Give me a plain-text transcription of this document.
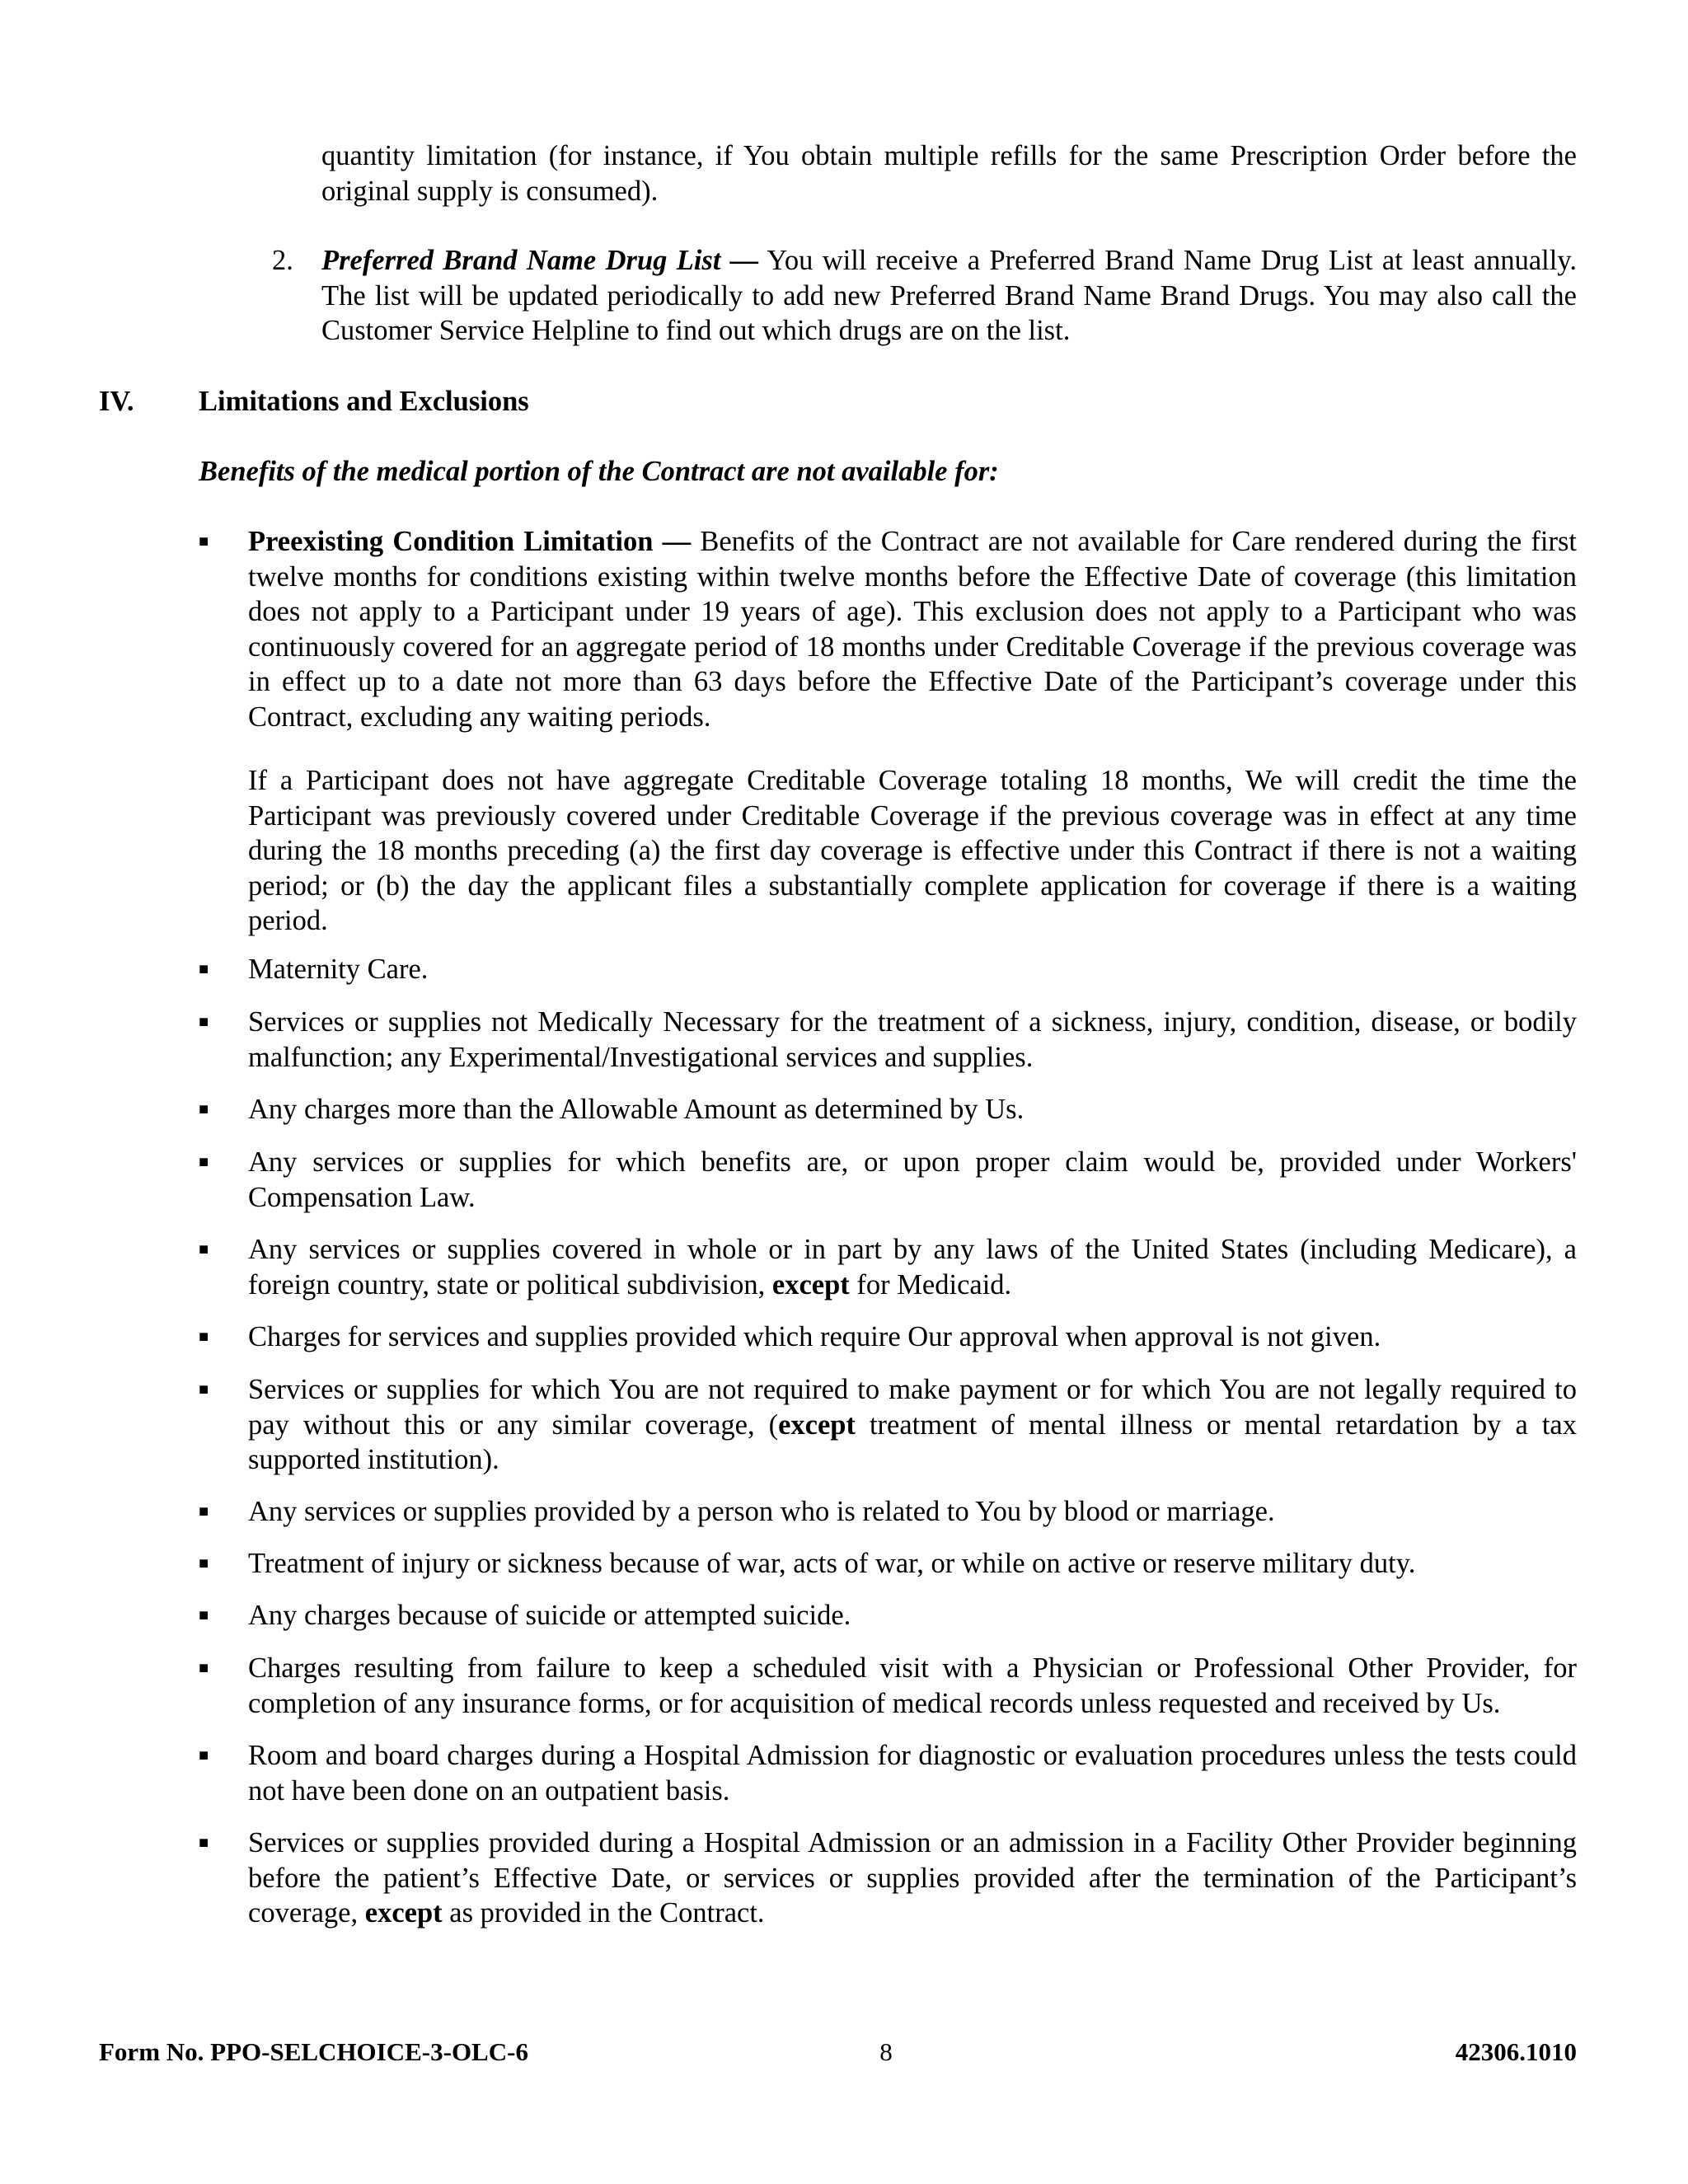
quantity limitation (for instance, if You obtain multiple refills for the same Prescription Order before the original supply is consumed).
2. Preferred Brand Name Drug List — You will receive a Preferred Brand Name Drug List at least annually. The list will be updated periodically to add new Preferred Brand Name Brand Drugs. You may also call the Customer Service Helpline to find out which drugs are on the list.
IV. Limitations and Exclusions
Benefits of the medical portion of the Contract are not available for:
■ Preexisting Condition Limitation — Benefits of the Contract are not available for Care rendered during the first twelve months for conditions existing within twelve months before the Effective Date of coverage (this limitation does not apply to a Participant under 19 years of age). This exclusion does not apply to a Participant who was continuously covered for an aggregate period of 18 months under Creditable Coverage if the previous coverage was in effect up to a date not more than 63 days before the Effective Date of the Participant’s coverage under this Contract, excluding any waiting periods.
If a Participant does not have aggregate Creditable Coverage totaling 18 months, We will credit the time the Participant was previously covered under Creditable Coverage if the previous coverage was in effect at any time during the 18 months preceding (a) the first day coverage is effective under this Contract if there is not a waiting period; or (b) the day the applicant files a substantially complete application for coverage if there is a waiting period.
■ Maternity Care.
■ Services or supplies not Medically Necessary for the treatment of a sickness, injury, condition, disease, or bodily malfunction; any Experimental/Investigational services and supplies.
■ Any charges more than the Allowable Amount as determined by Us.
■ Any services or supplies for which benefits are, or upon proper claim would be, provided under Workers' Compensation Law.
■ Any services or supplies covered in whole or in part by any laws of the United States (including Medicare), a foreign country, state or political subdivision, except for Medicaid.
■ Charges for services and supplies provided which require Our approval when approval is not given.
■ Services or supplies for which You are not required to make payment or for which You are not legally required to pay without this or any similar coverage, (except treatment of mental illness or mental retardation by a tax supported institution).
■ Any services or supplies provided by a person who is related to You by blood or marriage.
■ Treatment of injury or sickness because of war, acts of war, or while on active or reserve military duty.
■ Any charges because of suicide or attempted suicide.
■ Charges resulting from failure to keep a scheduled visit with a Physician or Professional Other Provider, for completion of any insurance forms, or for acquisition of medical records unless requested and received by Us.
■ Room and board charges during a Hospital Admission for diagnostic or evaluation procedures unless the tests could not have been done on an outpatient basis.
■ Services or supplies provided during a Hospital Admission or an admission in a Facility Other Provider beginning before the patient’s Effective Date, or services or supplies provided after the termination of the Participant’s coverage, except as provided in the Contract.
Form No. PPO-SELCHOICE-3-OLC-6	8	42306.1010
